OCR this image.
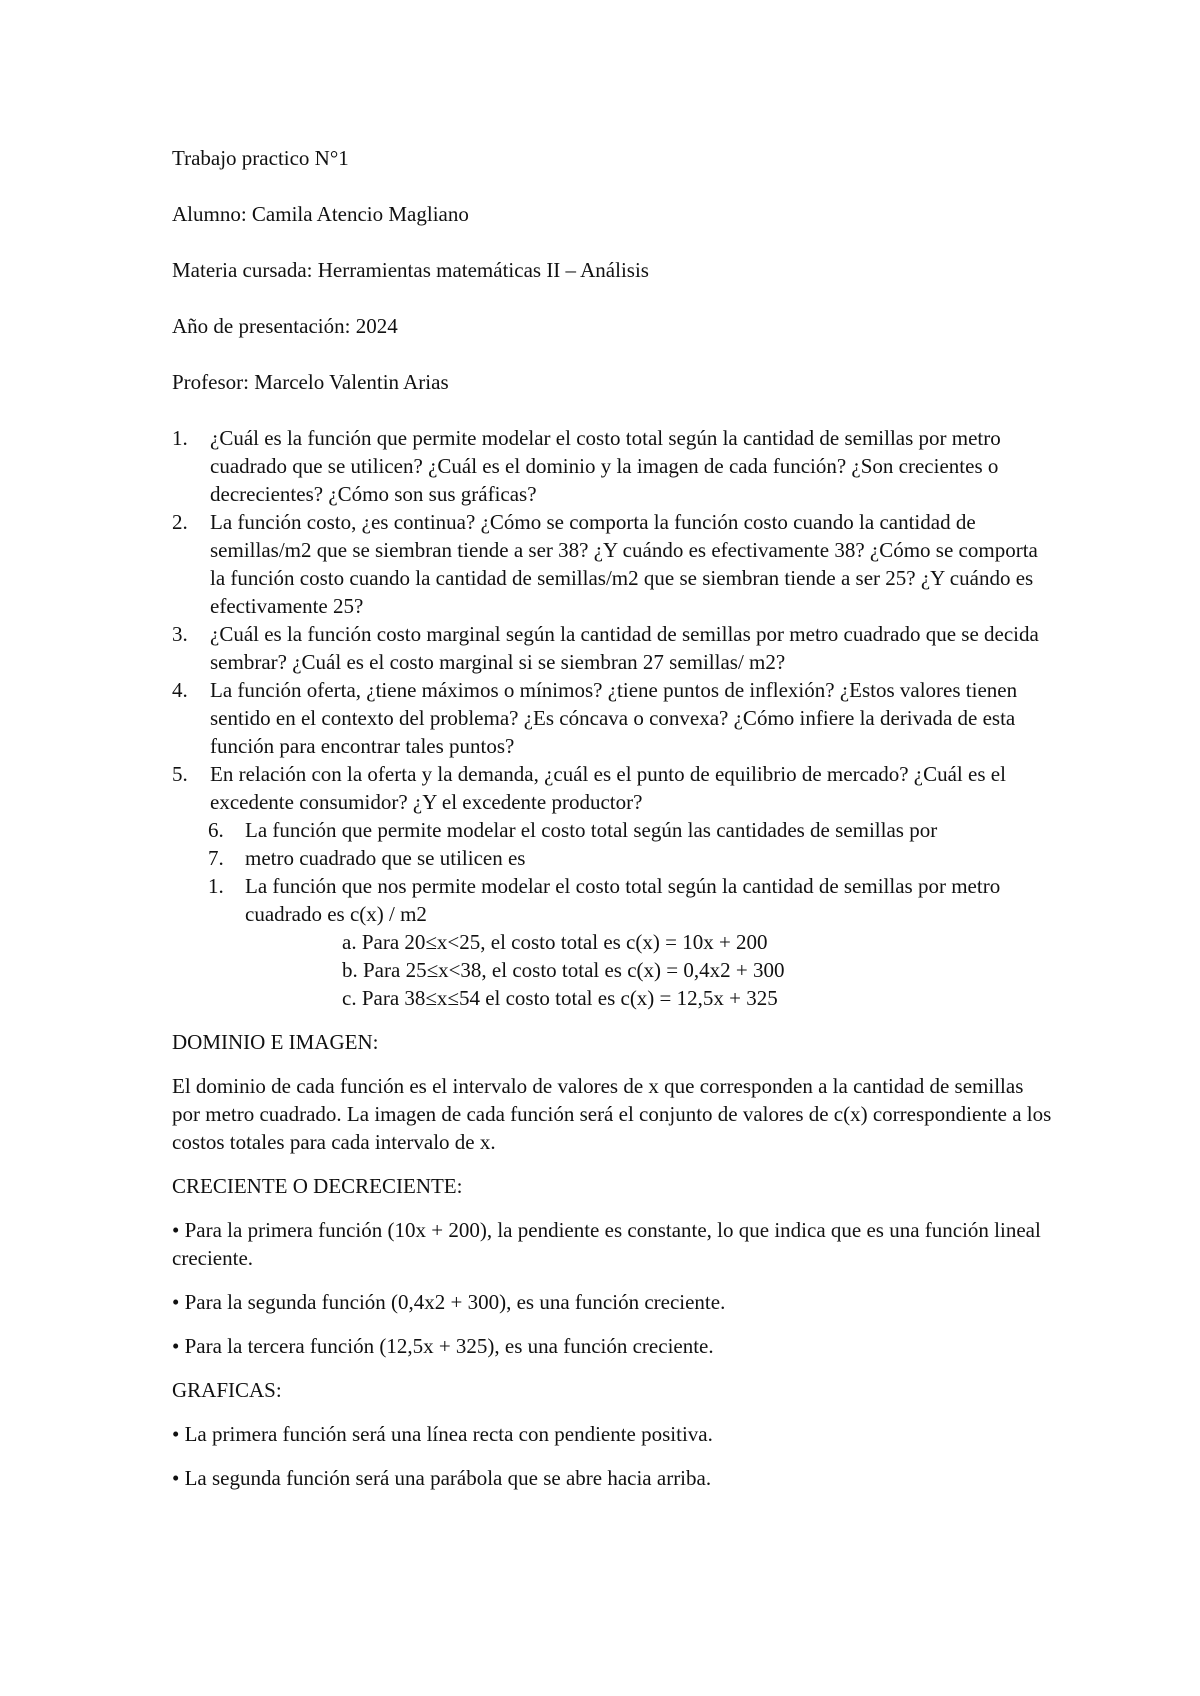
Trabajo practico N°1

Alumno: Camila Atencio Magliano

Materia cursada: Herramientas matemáticas II – Análisis

Año de presentación: 2024

Profesor: Marcelo Valentin Arias

1. ¿Cuál es la función que permite modelar el costo total según la cantidad de semillas por metro cuadrado que se utilicen? ¿Cuál es el dominio y la imagen de cada función? ¿Son crecientes o decrecientes? ¿Cómo son sus gráficas?
2. La función costo, ¿es continua? ¿Cómo se comporta la función costo cuando la cantidad de semillas/m2 que se siembran tiende a ser 38? ¿Y cuándo es efectivamente 38? ¿Cómo se comporta la función costo cuando la cantidad de semillas/m2 que se siembran tiende a ser 25? ¿Y cuándo es efectivamente 25?
3. ¿Cuál es la función costo marginal según la cantidad de semillas por metro cuadrado que se decida sembrar? ¿Cuál es el costo marginal si se siembran 27 semillas/ m2?
4. La función oferta, ¿tiene máximos o mínimos? ¿tiene puntos de inflexión? ¿Estos valores tienen sentido en el contexto del problema? ¿Es cóncava o convexa? ¿Cómo infiere la derivada de esta función para encontrar tales puntos?
5. En relación con la oferta y la demanda, ¿cuál es el punto de equilibrio de mercado? ¿Cuál es el excedente consumidor? ¿Y el excedente productor?
6. La función que permite modelar el costo total según las cantidades de semillas por
7. metro cuadrado que se utilicen es
1. La función que nos permite modelar el costo total según la cantidad de semillas por metro cuadrado es c(x) / m2
a. Para 20≤x<25, el costo total es c(x) = 10x + 200
b. Para 25≤x<38, el costo total es c(x) = 0,4x2 + 300
c. Para 38≤x≤54 el costo total es c(x) = 12,5x + 325

DOMINIO E IMAGEN:

El dominio de cada función es el intervalo de valores de x que corresponden a la cantidad de semillas por metro cuadrado. La imagen de cada función será el conjunto de valores de c(x) correspondiente a los costos totales para cada intervalo de x.

CRECIENTE O DECRECIENTE:

• Para la primera función (10x + 200), la pendiente es constante, lo que indica que es una función lineal creciente.

• Para la segunda función (0,4x2 + 300), es una función creciente.

• Para la tercera función (12,5x + 325), es una función creciente.

GRAFICAS:

• La primera función será una línea recta con pendiente positiva.

• La segunda función será una parábola que se abre hacia arriba.
